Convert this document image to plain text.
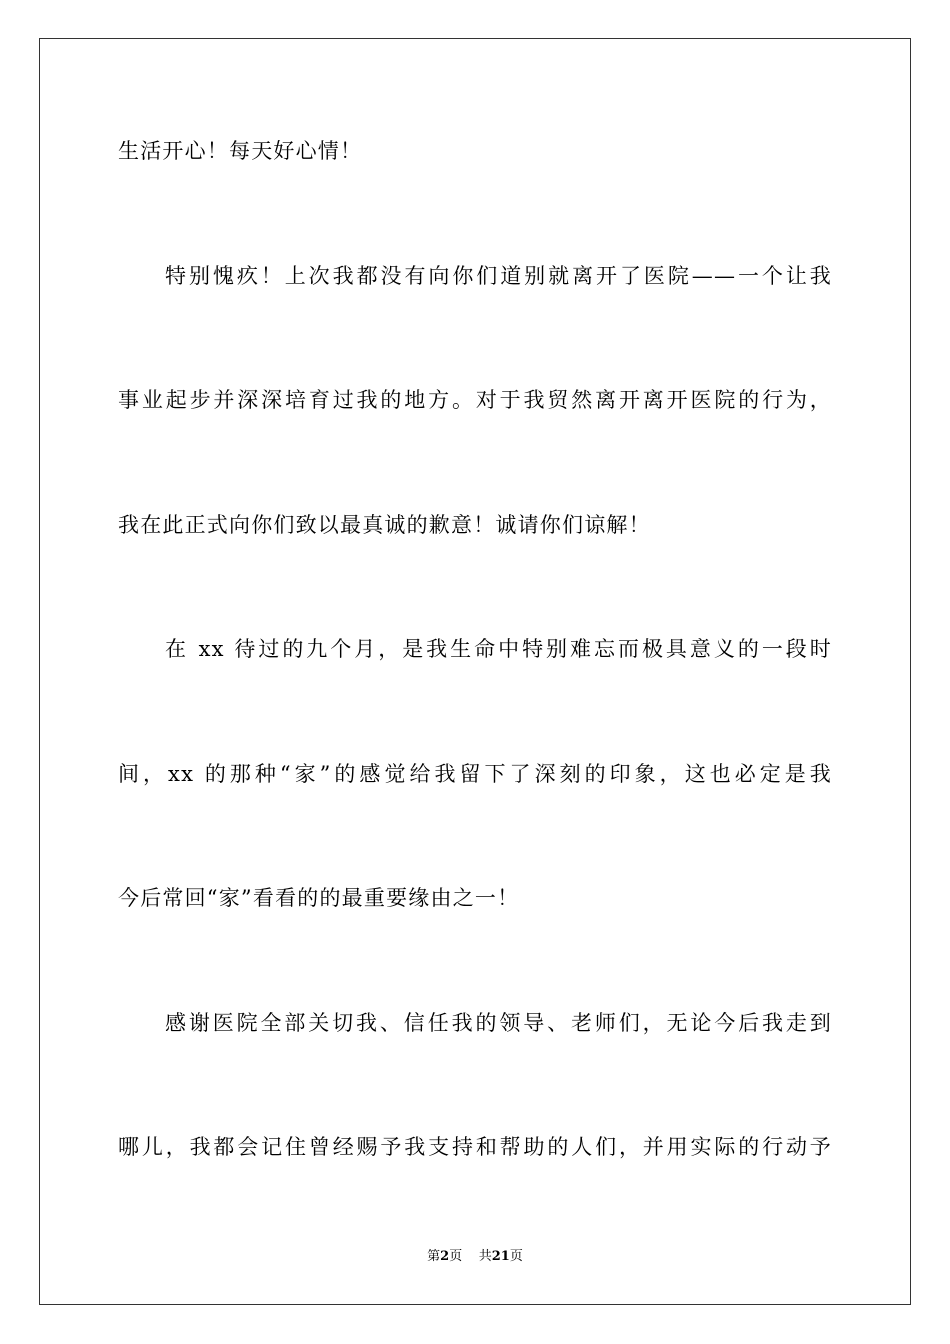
生活开心！每天好心情！
特别愧疚！上次我都没有向你们道别就离开了医院——一个让我
事业起步并深深培育过我的地方。对于我贸然离开离开医院的行为，
我在此正式向你们致以最真诚的歉意！诚请你们谅解！
在 xx 待过的九个月，是我生命中特别难忘而极具意义的一段时
间，xx 的那种“家”的感觉给我留下了深刻的印象，这也必定是我
今后常回“家”看看的的最重要缘由之一！
感谢医院全部关切我、信任我的领导、老师们，无论今后我走到
哪儿，我都会记住曾经赐予我支持和帮助的人们，并用实际的行动予
第2页 共21页
